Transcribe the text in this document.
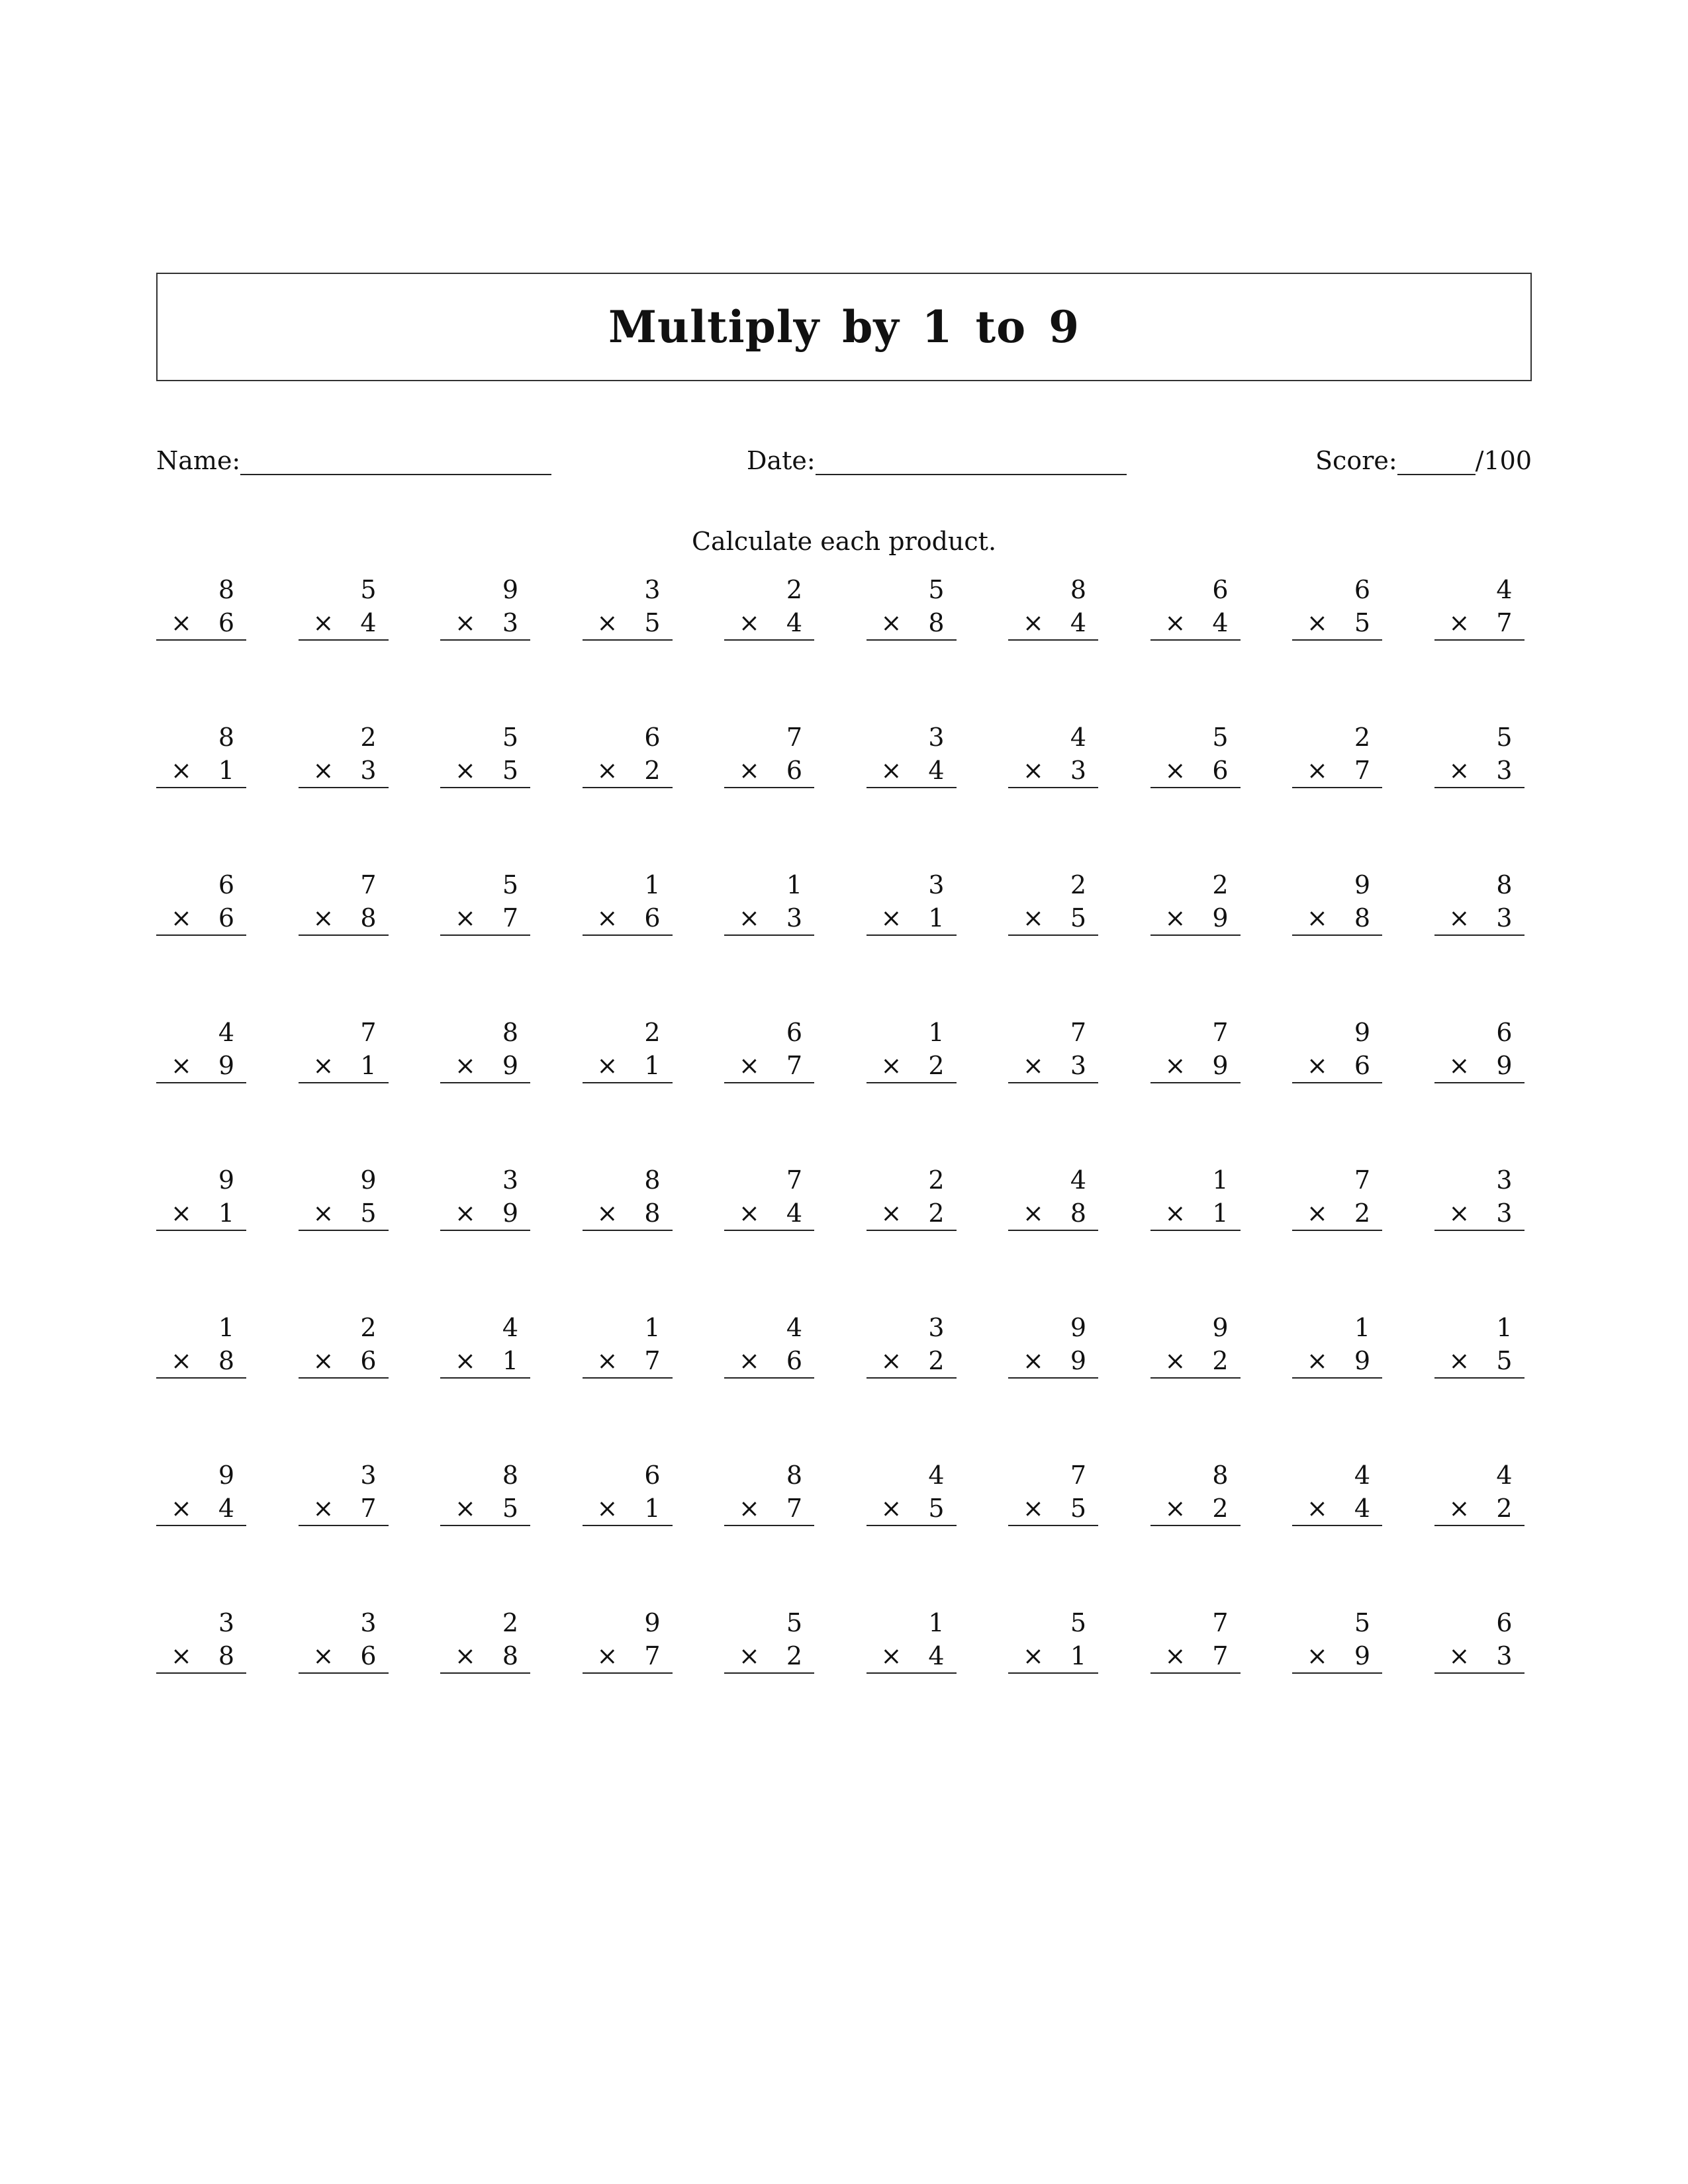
Multiply by 1 to 9
Name:	Date:	Score:	/100
Calculate each product.
8
× 6
5
× 4
9
× 3
3
× 5
2
× 4
5
× 8
8
× 4
6
× 4
6
× 5
4
× 7
8
× 1
2
× 3
5
× 5
6
× 2
7
× 6
3
× 4
4
× 3
5
× 6
2
× 7
5
× 3
6
× 6
7
× 8
5
× 7
1
× 6
1
× 3
3
× 1
2
× 5
2
× 9
9
× 8
8
× 3
4
× 9
7
× 1
8
× 9
2
× 1
6
× 7
1
× 2
7
× 3
7
× 9
9
× 6
6
× 9
9
× 1
9
× 5
3
× 9
8
× 8
7
× 4
2
× 2
4
× 8
1
× 1
7
× 2
3
× 3
1
× 8
2
× 6
4
× 1
1
× 7
4
× 6
3
× 2
9
× 9
9
× 2
1
× 9
1
× 5
9
× 4
3
× 7
8
× 5
6
× 1
8
× 7
4
× 5
7
× 5
8
× 2
4
× 4
4
× 2
3
× 8
3
× 6
2
× 8
9
× 7
5
× 2
1
× 4
5
× 1
7
× 7
5
× 9
6
× 3
